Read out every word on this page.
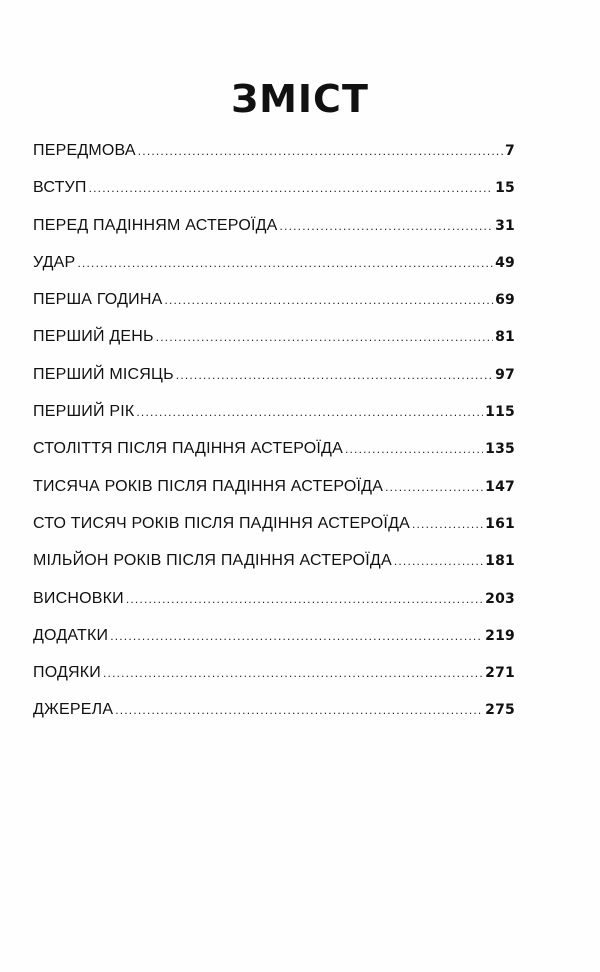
ЗМІСТ
ПЕРЕДМОВА .....	7
ВСТУП .....	15
ПЕРЕД ПАДІННЯМ АСТЕРОЇДА .....	31
УДАР .....	49
ПЕРША ГОДИНА .....	69
ПЕРШИЙ ДЕНЬ .....	81
ПЕРШИЙ МІСЯЦЬ .....	97
ПЕРШИЙ РІК .....	115
СТОЛІТТЯ ПІСЛЯ ПАДІННЯ АСТЕРОЇДА .....	135
ТИСЯЧА РОКІВ ПІСЛЯ ПАДІННЯ АСТЕРОЇДА .....	147
СТО ТИСЯЧ РОКІВ ПІСЛЯ ПАДІННЯ АСТЕРОЇДА .....	161
МІЛЬЙОН РОКІВ ПІСЛЯ ПАДІННЯ АСТЕРОЇДА .....	181
ВИСНОВКИ .....	203
ДОДАТКИ .....	219
ПОДЯКИ .....	271
ДЖЕРЕЛА .....	275
